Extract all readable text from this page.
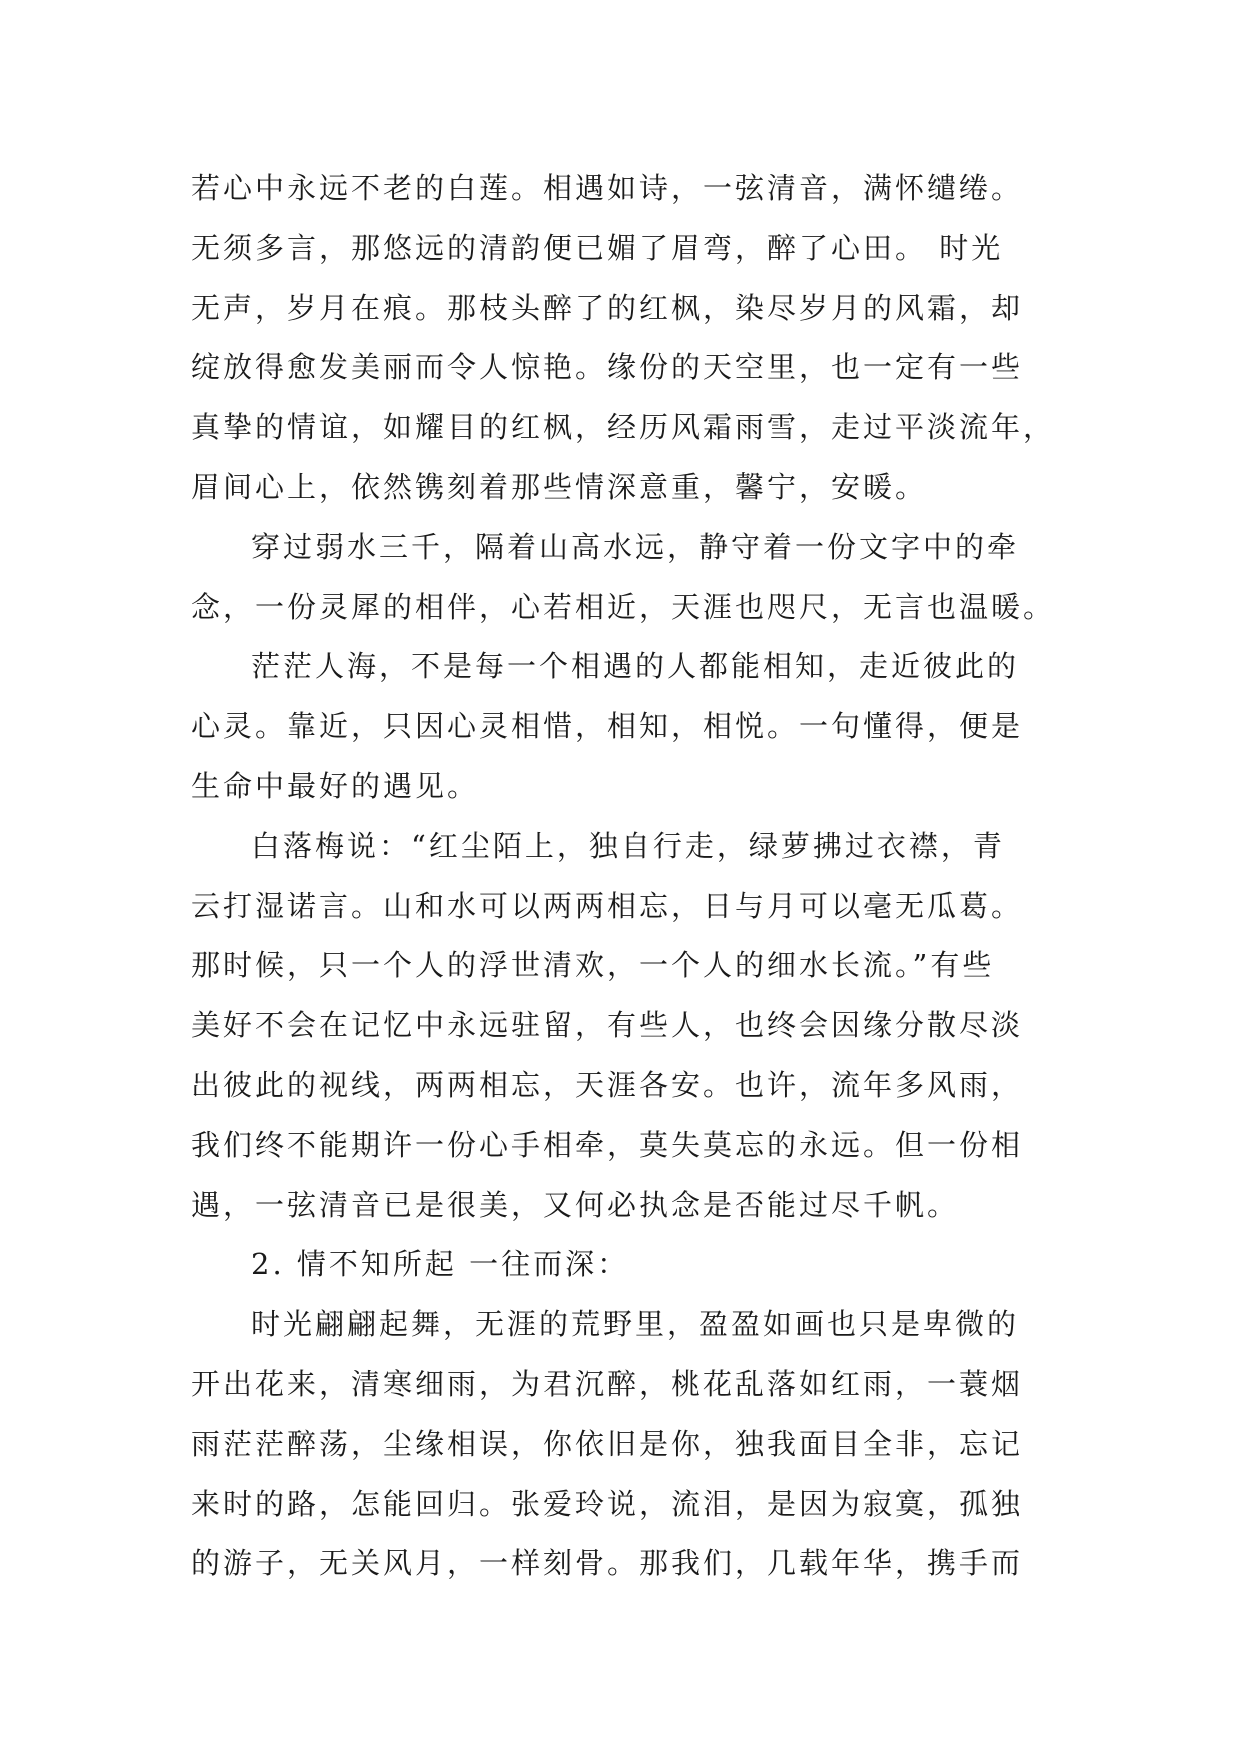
若心中永远不老的白莲。相遇如诗，一弦清音，满怀缱绻。
无须多言，那悠远的清韵便已媚了眉弯，醉了心田。 时光
无声，岁月在痕。那枝头醉了的红枫，染尽岁月的风霜，却
绽放得愈发美丽而令人惊艳。缘份的天空里，也一定有一些
真挚的情谊，如耀目的红枫，经历风霜雨雪，走过平淡流年，
眉间心上，依然镌刻着那些情深意重，馨宁，安暖。
穿过弱水三千，隔着山高水远，静守着一份文字中的牵
念，一份灵犀的相伴，心若相近，天涯也咫尺，无言也温暖。
茫茫人海，不是每一个相遇的人都能相知，走近彼此的
心灵。靠近，只因心灵相惜，相知，相悦。一句懂得，便是
生命中最好的遇见。
白落梅说：“红尘陌上，独自行走，绿萝拂过衣襟，青
云打湿诺言。山和水可以两两相忘，日与月可以毫无瓜葛。
那时候，只一个人的浮世清欢，一个人的细水长流。”有些
美好不会在记忆中永远驻留，有些人，也终会因缘分散尽淡
出彼此的视线，两两相忘，天涯各安。也许，流年多风雨，
我们终不能期许一份心手相牵，莫失莫忘的永远。但一份相
遇，一弦清音已是很美，又何必执念是否能过尽千帆。
2. 情不知所起 一往而深：
时光翩翩起舞，无涯的荒野里，盈盈如画也只是卑微的
开出花来，清寒细雨，为君沉醉，桃花乱落如红雨，一蓑烟
雨茫茫醉荡，尘缘相误，你依旧是你，独我面目全非，忘记
来时的路，怎能回归。张爱玲说，流泪，是因为寂寞，孤独
的游子，无关风月，一样刻骨。那我们，几载年华，携手而
